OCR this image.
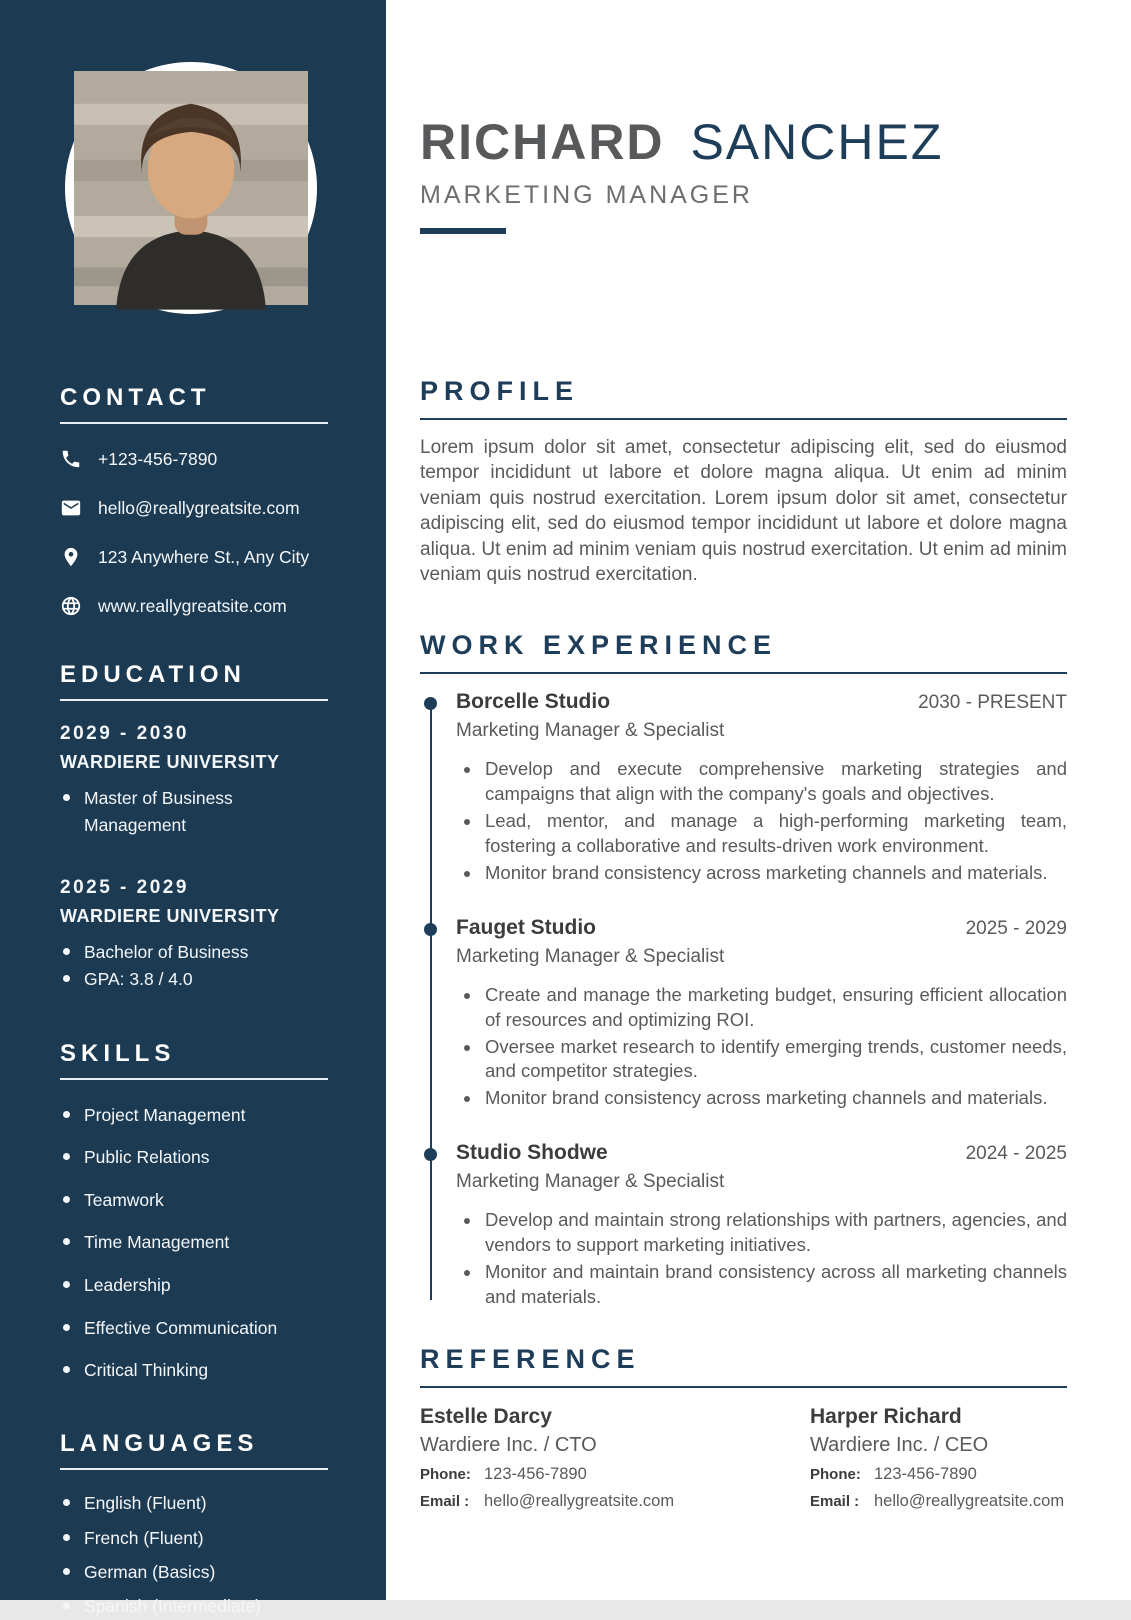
CONTACT
+123-456-7890
hello@reallygreatsite.com
123 Anywhere St., Any City
www.reallygreatsite.com
EDUCATION
2029 - 2030
WARDIERE UNIVERSITY
Master of Business Management
2025 - 2029
WARDIERE UNIVERSITY
Bachelor of Business
GPA: 3.8 / 4.0
SKILLS
Project Management
Public Relations
Teamwork
Time Management
Leadership
Effective Communication
Critical Thinking
LANGUAGES
English (Fluent)
French (Fluent)
German (Basics)
Spanish (Intermediate)
RICHARD SANCHEZ
MARKETING MANAGER
PROFILE

Lorem ipsum dolor sit amet, consectetur adipiscing elit, sed do eiusmod tempor incididunt ut labore et dolore magna aliqua. Ut enim ad minim veniam quis nostrud exercitation. Lorem ipsum dolor sit amet, consectetur adipiscing elit, sed do eiusmod tempor incididunt ut labore et dolore magna aliqua. Ut enim ad minim veniam quis nostrud exercitation. Ut enim ad minim veniam quis nostrud exercitation.

WORK EXPERIENCE
Borcelle Studio	2030 - PRESENT
Marketing Manager & Specialist
Develop and execute comprehensive marketing strategies and campaigns that align with the company's goals and objectives.
Lead, mentor, and manage a high-performing marketing team, fostering a collaborative and results-driven work environment.
Monitor brand consistency across marketing channels and materials.
Fauget Studio	2025 - 2029
Marketing Manager & Specialist
Create and manage the marketing budget, ensuring efficient allocation of resources and optimizing ROI.
Oversee market research to identify emerging trends, customer needs, and competitor strategies.
Monitor brand consistency across marketing channels and materials.
Studio Shodwe	2024 - 2025
Marketing Manager & Specialist
Develop and maintain strong relationships with partners, agencies, and vendors to support marketing initiatives.
Monitor and maintain brand consistency across all marketing channels and materials.
REFERENCE
Estelle Darcy
Wardiere Inc. / CTO
Phone: 123-456-7890
Email : hello@reallygreatsite.com
Harper Richard
Wardiere Inc. / CEO
Phone: 123-456-7890
Email : hello@reallygreatsite.com
